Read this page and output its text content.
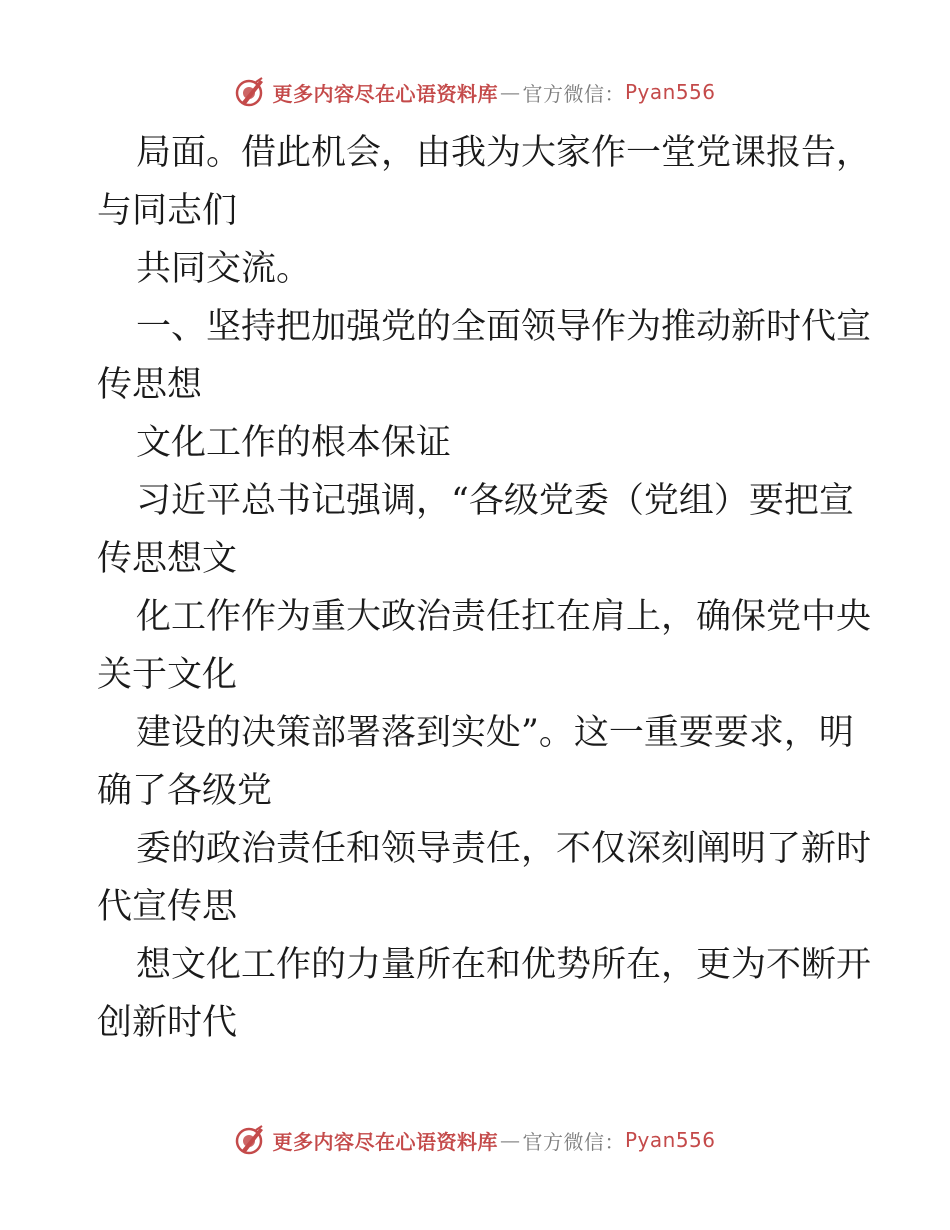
更多内容尽在心语资料库 — 官方微信： Pyan556
局面。借此机会，由我为大家作一堂党课报告，
与同志们
共同交流。
一、坚持把加强党的全面领导作为推动新时代宣
传思想
文化工作的根本保证
习近平总书记强调，“各级党委（党组）要把宣
传思想文
化工作作为重大政治责任扛在肩上，确保党中央
关于文化
建设的决策部署落到实处”。这一重要要求，明
确了各级党
委的政治责任和领导责任，不仅深刻阐明了新时
代宣传思
想文化工作的力量所在和优势所在，更为不断开
创新时代
更多内容尽在心语资料库 — 官方微信： Pyan556
